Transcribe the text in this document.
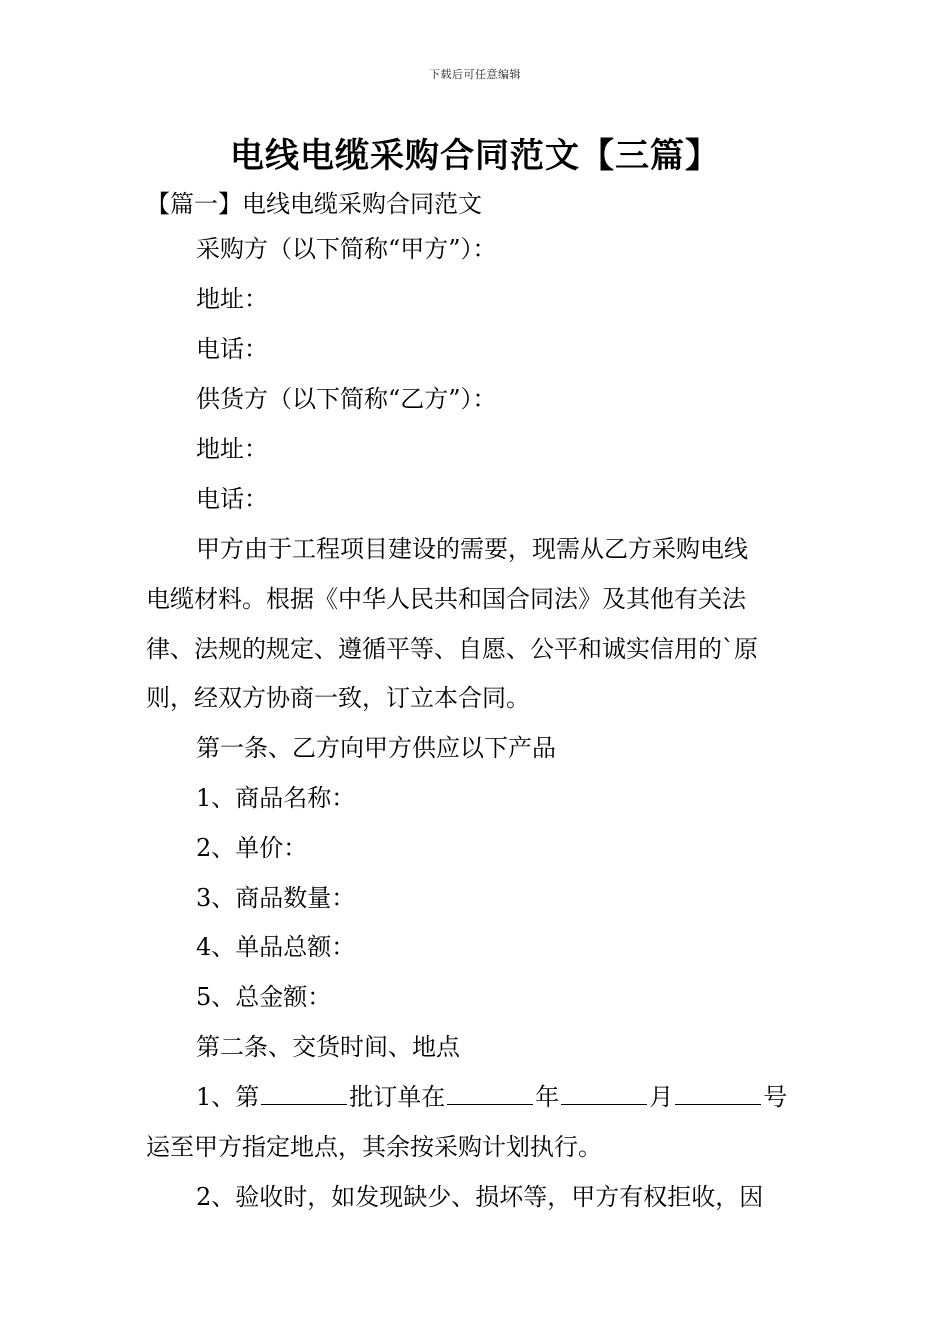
下载后可任意编辑
电线电缆采购合同范文【三篇】
【篇一】电线电缆采购合同范文
采购方（以下简称“甲方”）：
地址：
电话：
供货方（以下简称“乙方”）：
地址：
电话：
甲方由于工程项目建设的需要，现需从乙方采购电线
电缆材料。根据《中华人民共和国合同法》及其他有关法
律、法规的规定、遵循平等、自愿、公平和诚实信用的`原
则，经双方协商一致，订立本合同。
第一条、乙方向甲方供应以下产品
1、商品名称：
2、单价：
3、商品数量：
4、单品总额：
5、总金额：
第二条、交货时间、地点
1、第	批订单在	年	月	号
运至甲方指定地点，其余按采购计划执行。
2、验收时，如发现缺少、损坏等，甲方有权拒收，因
